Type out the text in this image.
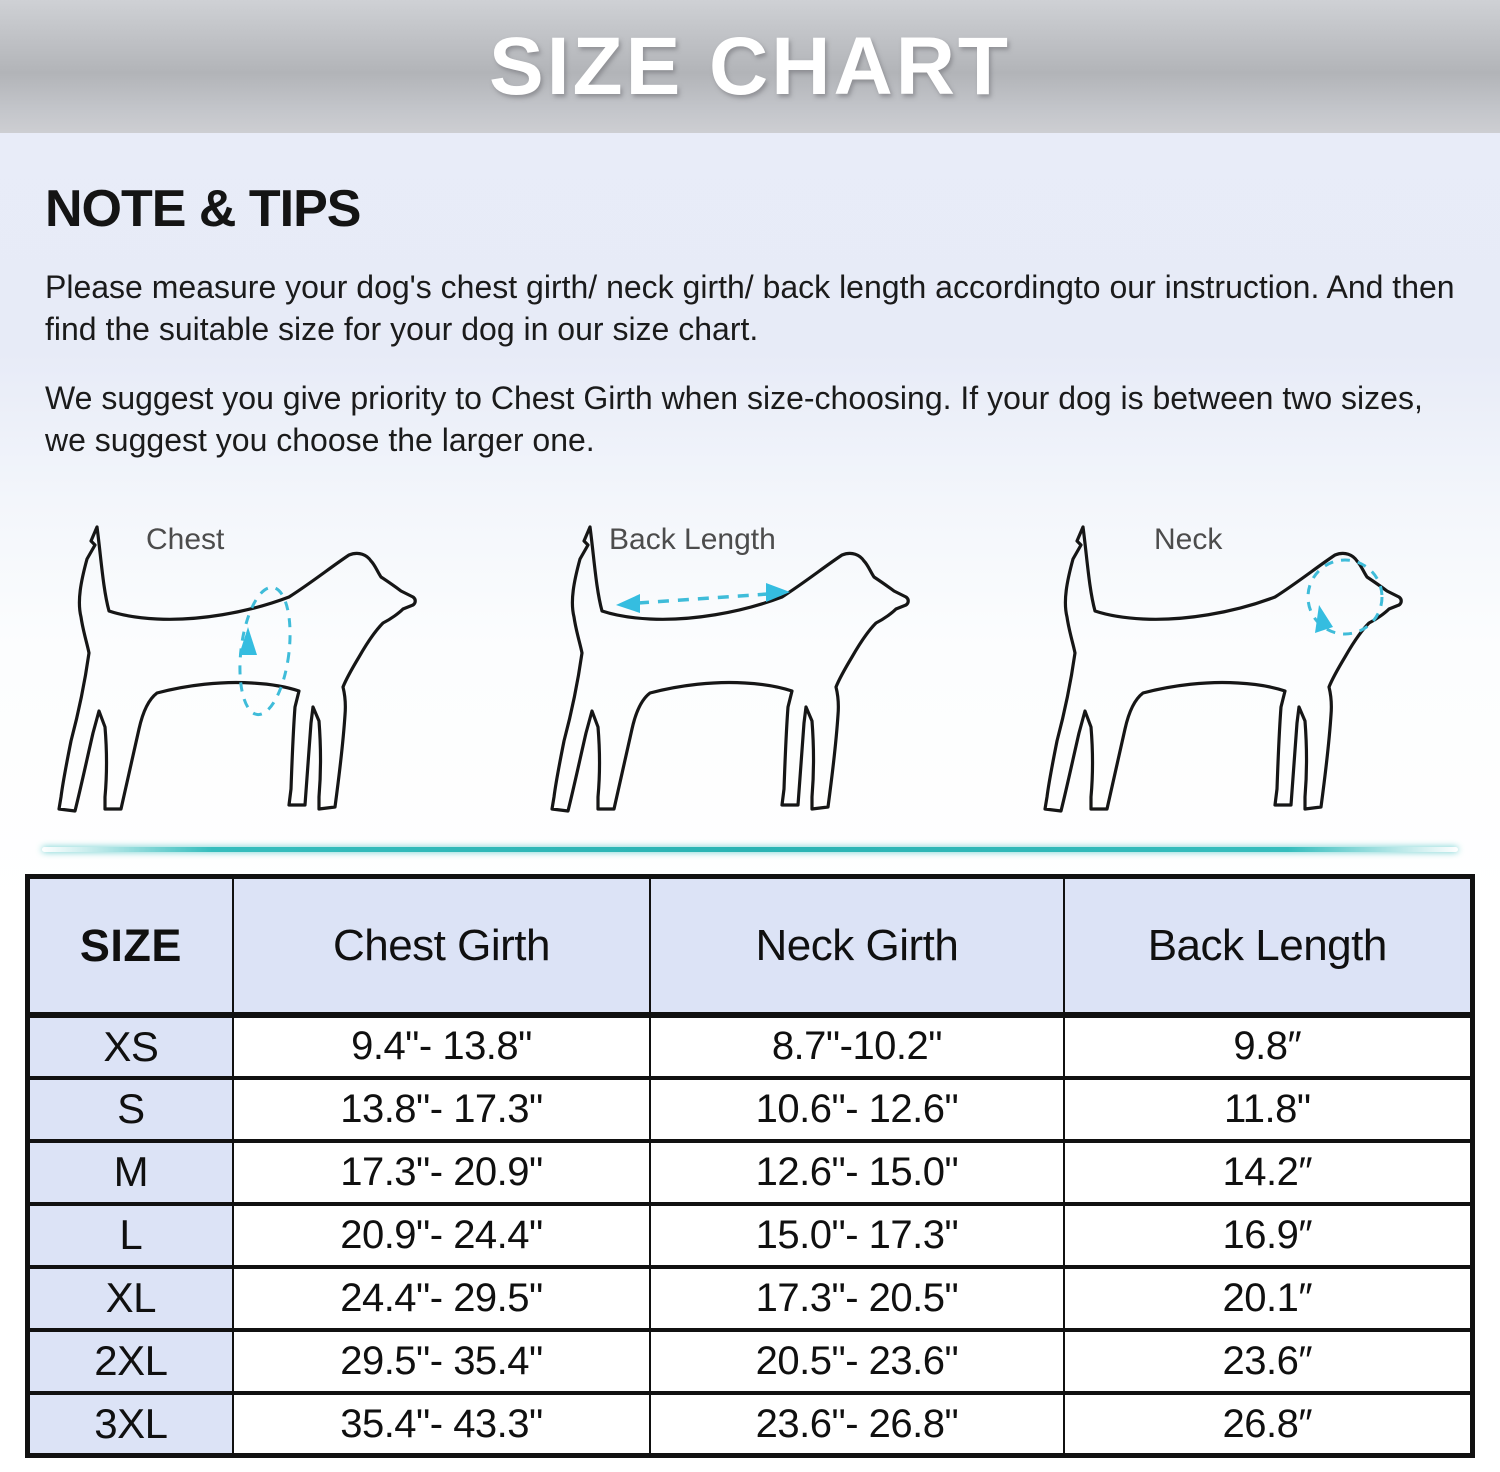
SIZE CHART
NOTE & TIPS

Please measure your dog's chest girth/ neck girth/ back length accordingto our instruction. And then find the suitable size for your dog in our size chart.

We suggest you give priority to Chest Girth when size-choosing. If your dog is between two sizes, we suggest you choose the larger one.

Chest	Back Length	Neck
SIZE	Chest Girth	Neck Girth	Back Length
XS	9.4"- 13.8"	8.7"-10.2"	9.8″
S	13.8"- 17.3"	10.6"- 12.6"	11.8"
M	17.3"- 20.9"	12.6"- 15.0"	14.2″
L	20.9"- 24.4"	15.0"- 17.3"	16.9″
XL	24.4"- 29.5"	17.3"- 20.5"	20.1″
2XL	29.5"- 35.4"	20.5"- 23.6"	23.6″
3XL	35.4"- 43.3"	23.6"- 26.8"	26.8″
